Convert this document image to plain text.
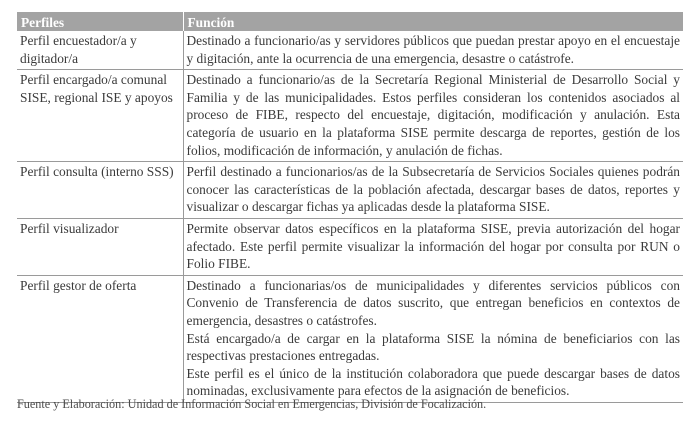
Perfiles	Función
Perfil encuestador/a y digitador/a	Destinado a funcionario/as y servidores públicos que puedan prestar apoyo en el encuestaje y digitación, ante la ocurrencia de una emergencia, desastre o catástrofe.

Perfil encargado/a comunal SISE, regional ISE y apoyos	Destinado a funcionario/as de la Secretaría Regional Ministerial de Desarrollo Social y Familia y de las municipalidades. Estos perfiles consideran los contenidos asociados al proceso de FIBE, respecto del encuestaje, digitación, modificación y anulación. Esta categoría de usuario en la plataforma SISE permite descarga de reportes, gestión de los folios, modificación de información, y anulación de fichas.

Perfil consulta (interno SSS)	Perfil destinado a funcionarios/as de la Subsecretaría de Servicios Sociales quienes podrán conocer las características de la población afectada, descargar bases de datos, reportes y visualizar o descargar fichas ya aplicadas desde la plataforma SISE.

Perfil visualizador	Permite observar datos específicos en la plataforma SISE, previa autorización del hogar afectado. Este perfil permite visualizar la información del hogar por consulta por RUN o Folio FIBE.

Perfil gestor de oferta	Destinado a funcionarias/os de municipalidades y diferentes servicios públicos con Convenio de Transferencia de datos suscrito, que entregan beneficios en contextos de emergencia, desastres o catástrofes.
Está encargado/a de cargar en la plataforma SISE la nómina de beneficiarios con las respectivas prestaciones entregadas.
Este perfil es el único de la institución colaboradora que puede descargar bases de datos nominadas, exclusivamente para efectos de la asignación de beneficios.
Fuente y Elaboración: Unidad de Información Social en Emergencias, División de Focalización.
